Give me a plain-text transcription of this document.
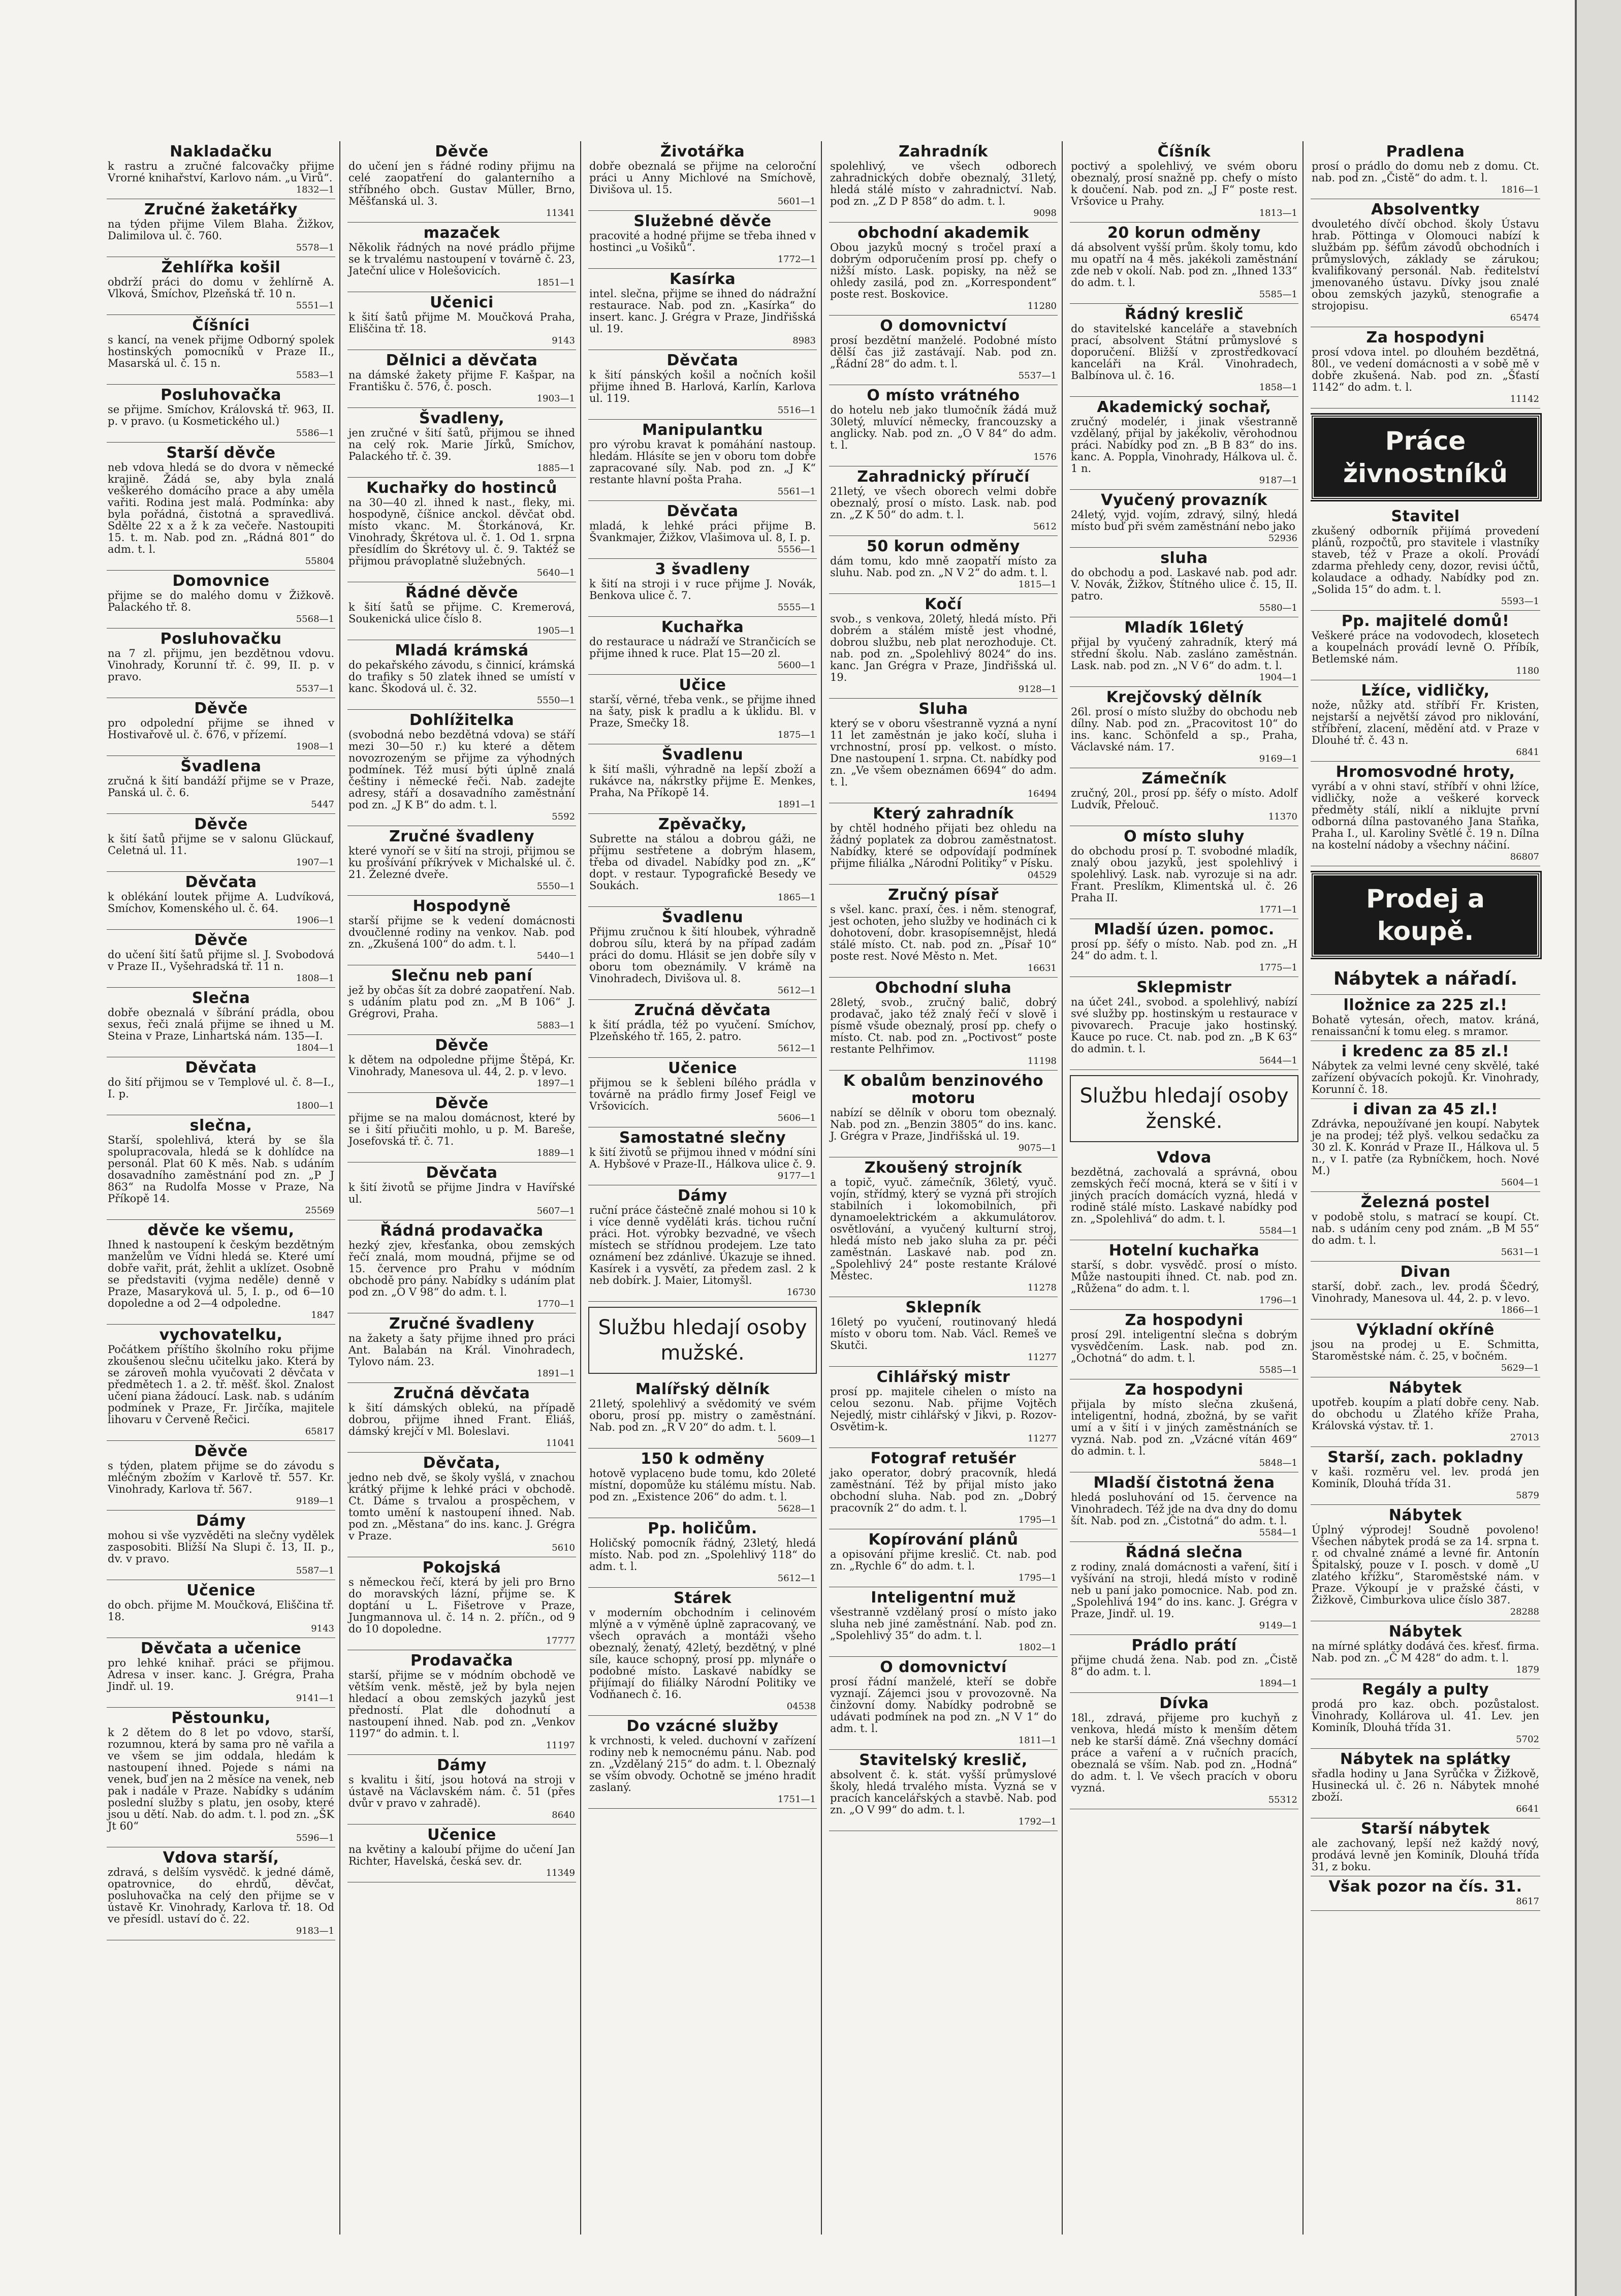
Nakladačku
k rastru a zručné falcovačky přijme Vrorné knihařství, Karlovo nám. „u Virů“.
1832—1
Zručné žaketářky
na týden přijme Vilem Blaha. Žižkov, Dalimilova ul. č. 760.
5578—1
Žehlířka košil
obdrží práci do domu v žehlírně A. Vlková, Smíchov, Plzeňská tř. 10 n.
5551—1
Číšníci
s kancí, na venek přijme Odborný spolek hostinských pomocníků v Praze II., Masarská ul. č. 15 n.
5583—1
Posluhovačka
se přijme. Smíchov, Královská tř. 963, II. p. v pravo. (u Kosmetického ul.)
5586—1
Starší děvče
neb vdova hledá se do dvora v německé krajině. Žádá se, aby byla znalá veškerého domácího prace a aby uměla vařiti. Rodina jest malá. Podmínka: aby byla pořádná, čistotná a spravedlivá. Sdělte 22 x a ž k za večeře. Nastoupiti 15. t. m. Nab. pod zn. „Rádná 801“ do adm. t. l.
55804
Domovnice
přijme se do malého domu v Žižkově. Palackého tř. 8.
5568—1
Posluhovačku
na 7 zl. přijmu, jen bezdětnou vdovu. Vinohrady, Korunní tř. č. 99, II. p. v pravo.
5537—1
Děvče
pro odpolední přijme se ihned v Hostivařově ul. č. 676, v přízemí.
1908—1
Švadlena
zručná k šití bandáží přijme se v Praze, Panská ul. č. 6.
5447
Děvče
k šití šatů přijme se v salonu Glückauf, Celetná ul. 11.
1907—1
Děvčata
k oblékání loutek přijme A. Ludvíková, Smíchov, Komenského ul. č. 64.
1906—1
Děvče
do učení šití šatů přijme sl. J. Svobodová v Praze II., Vyšehradská tř. 11 n.
1808—1
Slečna
dobře obeznalá v šíbrání prádla, obou sexus, řeči znalá přijme se ihned u M. Steina v Praze, Linhartská nám. 135—I.
1804—1
Děvčata
do šití přijmou se v Templové ul. č. 8—I., I. p.
1800—1
slečna,
Starší, spolehlivá, která by se šla spolupracovala, hledá se k dohlídce na personál. Plat 60 K měs. Nab. s udáním dosavadního zaměstnání pod zn. „P J 863“ na Rudolfa Mosse v Praze, Na Příkopě 14.
25569
děvče ke všemu,
Ihned k nastoupení k českým bezdětným manželům ve Vídni hledá se. Které umí dobře vařit, prát, žehlit a uklízet. Osobně se představiti (vyjma neděle) denně v Praze, Masaryková ul. 5, I. p., od 6—10 dopoledne a od 2—4 odpoledne.
1847
vychovatelku,
Počátkem příštího školního roku přijme zkoušenou slečnu učitelku jako. Která by se zároveň mohla vyučovati 2 děvčata v předmětech 1. a 2. tř. měšť. škol. Znalost učení piana žádoucí. Lask. nab. s udáním podmínek v Praze, Fr. Jirčíka, majitele lihovaru v Červeně Řečici.
65817
Děvče
s týden, platem přijme se do závodu s mléčným zbožím v Karlově tř. 557. Kr. Vinohrady, Karlova tř. 567.
9189—1
Dámy
mohou si vše vyzvěděti na slečny vydělek zasposobiti. Bližší Na Slupi č. 13, II. p., dv. v pravo.
5587—1
Učenice
do obch. přijme M. Moučková, Eliščina tř. 18.
9143
Děvčata a učenice
pro lehké knihař. práci se přijmou. Adresa v inser. kanc. J. Grégra, Praha Jindř. ul. 19.
9141—1
Pěstounku,
k 2 dětem do 8 let po vdovo, starší, rozumnou, která by sama pro ně vařila a ve všem se jim oddala, hledám k nastoupení ihned. Pojede s námi na venek, buď jen na 2 měsíce na venek, neb pak i nadále v Praze. Nabídky s udáním poslední služby s platu, jen osoby, které jsou u dětí. Nab. do adm. t. l. pod zn. „ŠK Jt 60“
5596—1
Vdova starší,
zdravá, s delším vysvědč. k jedné dámě, opatrovnice, do ehrdů, děvčat, posluhovačka na celý den přijme se v ústavě Kr. Vinohrady, Karlova tř. 18. Od ve přesídl. ustaví do č. 22.
9183—1
Děvče
do učení jen s řádné rodiny přijmu na celé zaopatření do galanterního a stříbného obch. Gustav Müller, Brno, Měšťanská ul. 3.
11341
mazaček
Několik řádných na nové prádlo přijme se k trvalému nastoupení v továrně č. 23, Jateční ulice v Holešovicích.
1851—1
Učenici
k šití šatů přijme M. Moučková Praha, Eliščina tř. 18.
9143
Dělnici a děvčata
na dámské žakety přijme F. Kašpar, na Františku č. 576, č. posch.
1903—1
Švadleny,
jen zručné v šití šatů, přijmou se ihned na celý rok. Marie Jírků, Smíchov, Palackého tř. č. 39.
1885—1
Kuchařky do hostinců
na 30—40 zl. ihned k nast., fleky, mi. hospodyně, číšnice anckol. děvčat obd. místo vkanc. M. Štorkánová, Kr. Vinohrady, Škrétova ul. č. 1. Od 1. srpna přesídlím do Škrétovy ul. č. 9. Taktéž se přijmou právoplatně služebných.
5640—1
Řádné děvče
k šití šatů se přijme. C. Kremerová, Soukenická ulice číslo 8.
1905—1
Mladá krámská
do pekařského závodu, s činnicí, krámská do trafiky s 50 zlatek ihned se umístí v kanc. Škodová ul. č. 32.
5550—1
Dohlížitelka
(svobodná nebo bezdětná vdova) se stáří mezi 30—50 r.) ku které a dětem novozrozeným se přijme za výhodných podmínek. Též musí býti úplně znalá češtiny i německé řeči. Nab. zadejte adresy, stáří a dosavadního zaměstnání pod zn. „J K B“ do adm. t. l.
5592
Zručné švadleny
které vynoří se v šití na stroji, přijmou se ku prošívání příkrývek v Michalské ul. č. 21. Železné dveře.
5550—1
Hospodyně
starší přijme se k vedení domácnosti dvoučlenné rodiny na venkov. Nab. pod zn. „Zkušená 100“ do adm. t. l.
5440—1
Slečnu neb paní
jež by občas šít za dobré zaopatření. Nab. s udáním platu pod zn. „M B 106“ J. Grégrovi, Praha.
5883—1
Děvče
k dětem na odpoledne přijme Štěpá, Kr. Vinohrady, Manesova ul. 44, 2. p. v levo.
1897—1
Děvče
přijme se na malou domácnost, které by se i šití přiučiti mohlo, u p. M. Bareše, Josefovská tř. č. 71.
1889—1
Děvčata
k šití životů se přijme Jindra v Havířské ul.
5607—1
Řádná prodavačka
hezký zjev, křesťanka, obou zemských řečí znalá, mom moudná, přijme se od 15. července pro Prahu v módním obchodě pro pány. Nabídky s udáním plat pod zn. „O V 98“ do adm. t. l.
1770—1
Zručné švadleny
na žakety a šaty přijme ihned pro práci Ant. Balabán na Král. Vinohradech, Tylovo nám. 23.
1891—1
Zručná děvčata
k šití dámských oblekú, na případě dobrou, přijme ihned Frant. Eliáš, dámský krejčí v Ml. Boleslavi.
11041
Děvčata,
jedno neb dvě, se školy vyšlá, v znachou krátký přijme k lehké práci v obchodě. Ct. Dáme s trvalou a prospěchem, v tomto umění k nastoupení ihned. Nab. pod zn. „Městana“ do ins. kanc. J. Grégra v Praze.
5610
Pokojská
s německou řečí, která by jeli pro Brno do moravských lázní, přijme se. K doptání u L. Fišetrove v Praze, Jungmannova ul. č. 14 n. 2. příčn., od 9 do 10 dopoledne.
17777
Prodavačka
starší, přijme se v módním obchodě ve větším venk. městě, jež by byla nejen hledací a obou zemských jazyků jest předností. Plat dle dohodnutí a nastoupení ihned. Nab. pod zn. „Venkov 1197“ do admin. t. l.
11197
Dámy
s kvalitu i šití, jsou hotová na stroji v ústavě na Václavském nám. č. 51 (přes dvůr v pravo v zahradě).
8640
Učenice
na květiny a kaloubí přijme do učení Jan Richter, Havelská, česká sev. dr.
11349
Životářka
dobře obeznalá se přijme na celoroční práci u Anny Michlové na Smíchově, Divišova ul. 15.
5601—1
Služebné děvče
pracovité a hodné přijme se třeba ihned v hostinci „u Vošiků“.
1772—1
Kasírka
intel. slečna, přijme se ihned do nádražní restaurace. Nab. pod zn. „Kasírka“ do insert. kanc. J. Grégra v Praze, Jindřišská ul. 19.
8983
Děvčata
k šití pánských košil a nočních košil přijme ihned B. Harlová, Karlín, Karlova ul. 119.
5516—1
Manipulantku
pro výrobu kravat k pomáhání nastoup. hledám. Hlásíte se jen v oboru tom dobře zapracované síly. Nab. pod zn. „J K“ restante hlavní pošta Praha.
5561—1
Děvčata
mladá, k lehké práci přijme B. Švankmajer, Žižkov, Vlašimova ul. 8, I. p.
5556—1
3 švadleny
k šití na stroji i v ruce přijme J. Novák, Benkova ulice č. 7.
5555—1
Kuchařka
do restaurace u nádraží ve Strančicích se přijme ihned k ruce. Plat 15—20 zl.
5600—1
Učice
starší, věrné, třeba venk., se přijme ihned na šaty, pisk k pradlu a k úklidu. Bl. v Praze, Smečky 18.
1875—1
Švadlenu
k šití mašli, výhradně na lepší zboží a rukávce na, nákrstky přijme E. Menkes, Praha, Na Příkopě 14.
1891—1
Zpěvačky,
Subrette na stálou a dobrou gáži, ne příjmu sestřetene a dobrým hlasem, třeba od divadel. Nabídky pod zn. „K“ dopt. v restaur. Typografické Besedy ve Soukách.
1865—1
Švadlenu
Přijmu zručnou k šití hloubek, výhradně dobrou sílu, která by na případ zadám práci do domu. Hlásit se jen dobře síly v oboru tom obeznámily. V krámě na Vinohradech, Divišova ul. 8.
5612—1
Zručná děvčata
k šití prádla, též po vyučení. Smíchov, Plzeňského tř. 165, 2. patro.
5612—1
Učenice
přijmou se k šebleni bílého prádla v továrně na prádlo firmy Josef Feigl ve Vršovicích.
5606—1
Samostatné slečny
k šití životů se přijmou ihned v módní síni A. Hybšové v Praze-II., Hálkova ulice č. 9.
9177—1
Dámy
ruční práce částečně znalé mohou si 10 k i více denně vyděláti krás. tichou ruční práci. Hot. výrobky bezvadné, ve všech místech se střídnou prodejem. Lze tato oznámení bez zdánlivé. Úkazuje se ihned. Kasírek i a vysvětí, za předem zasl. 2 k neb dobírk. J. Maier, Litomyšl.
16730
Službu hledají osoby mužské.
Malířský dělník
21letý, spolehlivý a svědomitý ve svém oboru, prosí pp. mistry o zaměstnání. Nab. pod zn. „R V 20“ do adm. t. l.
5609—1
150 k odměny
hotově vyplaceno bude tomu, kdo 20leté místní, dopomůže ku stálému místu. Nab. pod zn. „Existence 206“ do adm. t. l.
5628—1
Pp. holičům.
Holičský pomocník řádný, 23letý, hledá místo. Nab. pod zn. „Spolehlivý 118“ do adm. t. l.
5612—1
Stárek
v moderním obchodním i celinovém mlýně a v výměně úplně zapracovaný, ve všech opravách a montáži všeho obeznalý, ženatý, 42letý, bezdětný, v plné síle, kauce schopný, prosí pp. mlynáře o podobné místo. Laskavé nabídky se přijímají do filiálky Národní Politiky ve Vodňanech č. 16.
04538
Do vzácné služby
k vrchnosti, k veled. duchovní v zařízení rodiny neb k nemocnému pánu. Nab. pod zn. „Vzdělaný 215“ do adm. t. l. Obeznalý se vším obvody. Ochotně se jméno hradit zaslaný.
1751—1
Zahradník
spolehlivý, ve všech odborech zahradnických dobře obeznalý, 31letý, hledá stálé místo v zahradnictví. Nab. pod zn. „Z D P 858“ do adm. t. l.
9098
obchodní akademik
Obou jazyků mocný s tročel praxí a dobrým odporučením prosí pp. chefy o nižší místo. Lask. popisky, na něž se ohledy zasilá, pod zn. „Korrespondent“ poste rest. Boskovice.
11280
O domovnictví
prosí bezdětní manželé. Podobné místo dělší čas již zastávají. Nab. pod zn. „Řádní 28“ do adm. t. l.
5537—1
O místo vrátného
do hotelu neb jako tlumočník žádá muž 30letý, mluvící německy, francouzsky a anglicky. Nab. pod zn. „O V 84“ do adm. t. l.
1576
Zahradnický příručí
21letý, ve všech oborech velmi dobře obeznalý, prosí o místo. Lask. nab. pod zn. „Z K 50“ do adm. t. l.
5612
50 korun odměny
dám tomu, kdo mně zaopatří místo za sluhu. Nab. pod zn. „N V 2“ do adm. t. l.
1815—1
Kočí
svob., s venkova, 20letý, hledá místo. Při dobrém a stálém místě jest vhodné, dobrou službu, neb plat nerozhoduje. Ct. nab. pod zn. „Spolehlivý 8024“ do ins. kanc. Jan Grégra v Praze, Jindřišská ul. 19.
9128—1
Sluha
který se v oboru všestranně vyzná a nyní 11 let zaměstnán je jako kočí, sluha i vrchnostní, prosí pp. velkost. o místo. Dne nastoupení 1. srpna. Ct. nabídky pod zn. „Ve všem obeznámen 6694“ do adm. t. l.
16494
Který zahradník
by chtěl hodného přijati bez ohledu na žádný poplatek za dobrou zaměstnatost. Nabídky, které se odpovídají podmínek přijme filiálka „Národní Politiky“ v Písku.
04529
Zručný písař
s všel. kanc. praxí, čes. i něm. stenograf, jest ochoten, jeho služby ve hodinách ci k dohotovení, dobr. krasopísemnějst, hledá stálé místo. Ct. nab. pod zn. „Písař 10“ poste rest. Nové Město n. Met.
16631
Obchodní sluha
28letý, svob., zručný balič, dobrý prodavač, jako též znalý řečí v slově i písmě všude obeznalý, prosí pp. chefy o místo. Ct. nab. pod zn. „Poctivost“ poste restante Pelhřimov.
11198
K obalům benzinového motoru
nabízí se dělník v oboru tom obeznalý. Nab. pod zn. „Benzin 3805“ do ins. kanc. J. Grégra v Praze, Jindřišská ul. 19.
9075—1
Zkoušený strojník
a topič, vyuč. zámečník, 36letý, vyuč. vojín, střídmý, který se vyzná při strojích stabilních i lokomobilních, při dynamoelektrickém a akkumulátorov. osvětlování, a vyučený kulturní stroj, hledá místo neb jako sluha za pr. péči zaměstnán. Laskavé nab. pod zn. „Spolehlivý 24“ poste restante Králové Městec.
11278
Sklepník
16letý po vyučení, routinovaný hledá místo v oboru tom. Nab. Václ. Remeš ve Skutči.
11277
Cihlářský mistr
prosí pp. majitele cihelen o místo na celou sezonu. Nab. přijme Vojtěch Nejedlý, mistr cihlářský v Jikvi, p. Rozov-Osvětim-k.
11277
Fotograf retušér
jako operator, dobrý pracovník, hledá zaměstnání. Též by přijal místo jako obchodní sluha. Nab. pod zn. „Dobrý pracovník 2“ do adm. t. l.
1795—1
Kopírování plánů
a opisování přijme kreslič. Ct. nab. pod zn. „Rychle 6“ do adm. t. l.
1795—1
Inteligentní muž
všestranně vzdělaný prosí o místo jako sluha neb jiné zaměstnání. Nab. pod zn. „Spolehlivý 35“ do adm. t. l.
1802—1
O domovnictví
prosí řádní manželé, kteří se dobře vyznají. Zájemci jsou v provozovně. Na činžovní domy. Nabídky podrobně se udávati podmínek na pod zn. „N V 1“ do adm. t. l.
1811—1
Stavitelský kreslič,
absolvent č. k. stát. vyšší průmyslové školy, hledá trvalého místa. Vyzná se v pracích kancelářských a stavbě. Nab. pod zn. „O V 99“ do adm. t. l.
1792—1
Číšník
poctivý a spolehlivý, ve svém oboru obeznalý, prosí snažně pp. chefy o místo k doučení. Nab. pod zn. „J F“ poste rest. Vršovice u Prahy.
1813—1
20 korun odměny
dá absolvent vyšší prům. školy tomu, kdo mu opatří na 4 měs. jakékoli zaměstnání zde neb v okolí. Nab. pod zn. „Ihned 133“ do adm. t. l.
5585—1
Řádný kreslič
do stavitelské kanceláře a stavebních prací, absolvent Státní průmyslové s doporučení. Bližší v zprostředkovací kanceláři na Král. Vinohradech, Balbínova ul. č. 16.
1858—1
Akademický sochař,
zručný modelér, i jinak všestranně vzdělaný, přijal by jakékoliv, věrohodnou práci. Nabídky pod zn. „B B 83“ do ins. kanc. A. Poppla, Vinohrady, Hálkova ul. č. 1 n.
9187—1
Vyučený provazník
24letý, vyjd. vojím, zdravý, silný, hledá místo buď při svém zaměstnání nebo jako
52936
sluha
do obchodu a pod. Laskavé nab. pod adr. V. Novák, Žižkov, Štítného ulice č. 15, II. patro.
5580—1
Mladík 16letý
přijal by vyučený zahradník, který má střední školu. Nab. zasláno zaměstnán. Lask. nab. pod zn. „N V 6“ do adm. t. l.
1904—1
Krejčovský dělník
26l. prosí o místo služby do obchodu neb dílny. Nab. pod zn. „Pracovitost 10“ do ins. kanc. Schönfeld a sp., Praha, Václavské nám. 17.
9169—1
Zámečník
zručný, 20l., prosí pp. šéfy o místo. Adolf Ludvík, Přelouč.
11370
O místo sluhy
do obchodu prosí p. T. svobodné mladík, znalý obou jazyků, jest spolehlivý i spolehlivý. Lask. nab. vyrozuje si na adr. Frant. Preslíkm, Klimentská ul. č. 26 Praha II.
1771—1
Mladší úzen. pomoc.
prosí pp. šéfy o místo. Nab. pod zn. „H 24“ do adm. t. l.
1775—1
Sklepmistr
na účet 24l., svobod. a spolehlivý, nabízí své služby pp. hostinským u restaurace v pivovarech. Pracuje jako hostinský. Kauce po ruce. Ct. nab. pod zn. „B K 63“ do admin. t. l.
5644—1
Službu hledají osoby ženské.
Vdova
bezdětná, zachovalá a správná, obou zemských řečí mocná, která se v šití i v jiných pracích domácích vyzná, hledá v rodině stálé místo. Laskavé nabídky pod zn. „Spolehlivá“ do adm. t. l.
5584—1
Hotelní kuchařka
starší, s dobr. vysvědč. prosí o místo. Může nastoupiti ihned. Ct. nab. pod zn. „Růžena“ do adm. t. l.
1796—1
Za hospodyni
prosí 29l. inteligentní slečna s dobrým vysvědčením. Lask. nab. pod zn. „Ochotná“ do adm. t. l.
5585—1
Za hospodyni
přijala by místo slečna zkušená, inteligentní, hodná, zbožná, by se vařit umí a v šití i v jiných zaměstnáních se vyzná. Nab. pod zn. „Vzácné vítán 469“ do admin. t. l.
5848—1
Mladší čistotná žena
hledá posluhování od 15. července na Vinohradech. Též jde na dva dny do domu šít. Nab. pod zn. „Čistotná“ do adm. t. l.
5584—1
Řádná slečna
z rodiny, znalá domácnosti a vaření, šití i vyšívání na stroji, hledá místo v rodině neb u paní jako pomocnice. Nab. pod zn. „Spolehlivá 194“ do ins. kanc. J. Grégra v Praze, Jindř. ul. 19.
9149—1
Prádlo prátí
přijme chudá žena. Nab. pod zn. „Čistě 8“ do adm. t. l.
1894—1
Dívka
18l., zdravá, přijeme pro kuchyň z venkova, hledá místo k menším dětem neb ke starší dámě. Zná všechny domácí práce a vaření a v ručních pracích, obeznalá se vším. Nab. pod zn. „Hodná“ do adm. t. l. Ve všech pracích v oboru vyzná.
55312
Pradlena
prosí o prádlo do domu neb z domu. Ct. nab. pod zn. „Čistě“ do adm. t. l.
1816—1
Absolventky
dvouletého dívčí obchod. školy Ústavu hrab. Pöttinga v Olomouci nabízí k službám pp. šéfům závodů obchodních i průmyslových, základy se zárukou; kvalifikovaný personál. Nab. ředitelství jmenovaného ústavu. Dívky jsou znalé obou zemských jazyků, stenografie a strojopisu.
65474
Za hospodyni
prosí vdova intel. po dlouhém bezdětná, 80l., ve vedení domácnosti a v sobě mě v dobře zkušená. Nab. pod zn. „Šťastí 1142“ do adm. t. l.
11142
Práce živnostníků
Stavitel
zkušený odborník přijímá provedení plánů, rozpočtů, pro stavitele i vlastníky staveb, též v Praze a okolí. Provádí zdarma přehledy ceny, dozor, revisi účtů, kolaudace a odhady. Nabídky pod zn. „Solida 15“ do adm. t. l.
5593—1
Pp. majitelé domů!
Veškeré práce na vodovodech, klosetech a koupelnách provádí levně O. Příbík, Betlemské nám.
1180
Lžíce, vidličky,
nože, nůžky atd. stříbří Fr. Kristen, nejstarší a největší závod pro niklování, stříbření, zlacení, mědění atd. v Praze v Dlouhé tř. č. 43 n.
6841
Hromosvodné hroty,
vyrábí a v ohni staví, stříbří v ohni lžíce, vidličky, nože a veškeré korveck předměty stálí, niklí a niklujte první odborná dílna pastovaného Jana Staňka, Praha I., ul. Karoliny Světlé č. 19 n. Dílna na kostelní nádoby a všechny náčiní.
86807
Prodej a koupě.
Nábytek a nářadí.
lložnice za 225 zl.!
Bohatě vytesán, ořech, matov. kráná, renaissanční k tomu eleg. s mramor.
i kredenc za 85 zl.!
Nábytek za velmi levné ceny skvělé, také zařízení obývacích pokojů. Kr. Vinohrady, Korunní č. 18.
i divan za 45 zl.!
Zdrávka, nepoužívané jen koupí. Nabytek je na prodej; též plyš. velkou sedačku za 30 zl. K. Konrád v Praze II., Hálkova ul. 5 n., v I. patře (za Rybníčkem, hoch. Nové M.)
5604—1
Železná postel
v podobě stolu, s matrací se koupí. Ct. nab. s udáním ceny pod znám. „B M 55“ do adm. t. l.
5631—1
Divan
starší, dobř. zach., lev. prodá Ščedrý, Vinohrady, Manesova ul. 44, 2. p. v levo.
1866—1
Výkladní okřínê
jsou na prodej u E. Schmitta, Staroměstské nám. č. 25, v bočném.
5629—1
Nábytek
upotřeb. koupím a platí dobře ceny. Nab. do obchodu u Zlatého kříže Praha, Královská výstav. tř. 1.
27013
Starší, zach. pokladny
v kaši. rozměru vel. lev. prodá jen Kominík, Dlouhá třída 31.
5879
Nábytek
Úplný výprodej! Soudně povoleno! Všechen nábytek prodá se za 14. srpna t. r. od chvalné známé a levné fir. Antonín Špitalský, pouze v I. posch. v domě „U zlatého křížku“, Staroměstské nám. v Praze. Výkoupí je v pražské části, v Žižkově, Cimburkova ulice číslo 387.
28288
Nábytek
na mírné splátky dodává čes. křesť. firma. Nab. pod zn. „Č M 428“ do adm. t. l.
1879
Regály a pulty
prodá pro kaz. obch. pozůstalost. Vinohrady, Kollárova ul. 41. Lev. jen Kominík, Dlouhá třída 31.
5702
Nábytek na splátky
sřadla hodiny u Jana Syrůčka v Žižkově, Husinecká ul. č. 26 n. Nábytek mnohé zboží.
6641
Starší nábytek
ale zachovaný, lepší než každý nový, prodává levně jen Kominík, Dlouhá třída 31, z boku.
Však pozor na čís. 31.
8617
